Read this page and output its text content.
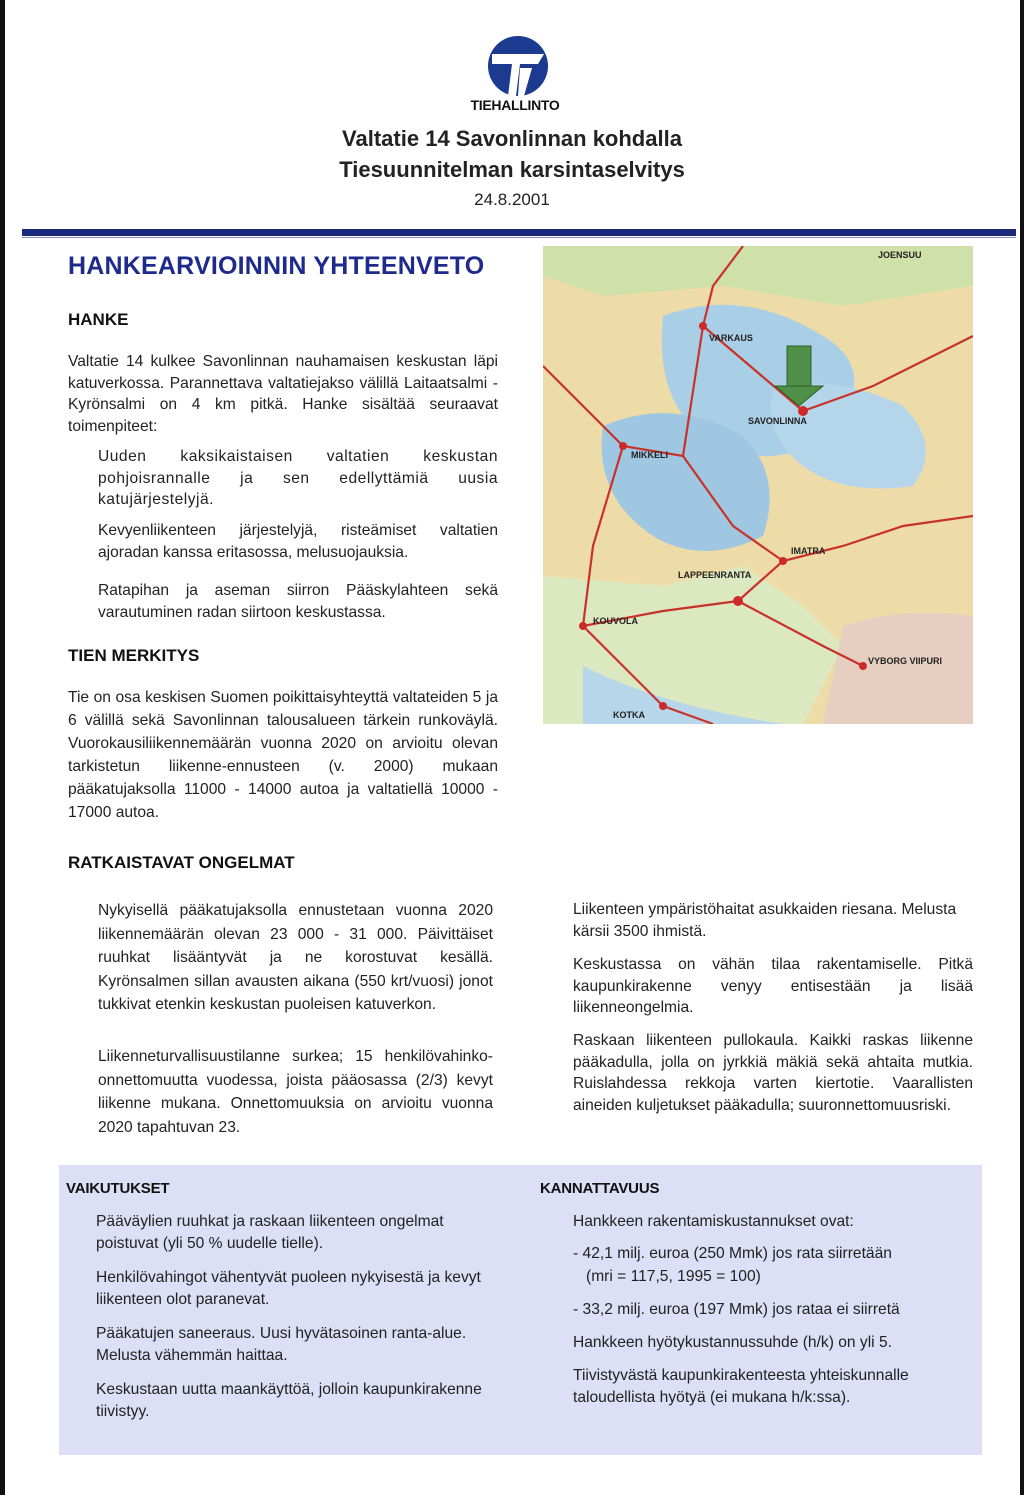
TIEHALLINTO
Valtatie 14 Savonlinnan kohdalla
Tiesuunnitelman karsintaselvitys
24.8.2001
HANKEARVIOINNIN YHTEENVETO
HANKE

Valtatie 14 kulkee Savonlinnan nauhamaisen keskustan läpi katuverkossa. Parannettava valtatiejakso välillä Laitaatsalmi - Kyrönsalmi on 4 km pitkä. Hanke sisältää seuraavat toimenpiteet:

Uuden kaksikaistaisen valtatien keskustan pohjoisrannalle ja sen edellyttämiä uusia katujärjestelyjä.

Kevyenliikenteen järjestelyjä, risteämiset valtatien ajoradan kanssa eritasossa, melusuojauksia.

Ratapihan ja aseman siirron Pääskylahteen sekä varautuminen radan siirtoon keskustassa.

TIEN MERKITYS

Tie on osa keskisen Suomen poikittaisyhteyttä valtateiden 5 ja 6 välillä sekä Savonlinnan talousalueen tärkein runkoväylä. Vuorokausiliikennemäärän vuonna 2020 on arvioitu olevan tarkistetun liikenne-ennusteen (v. 2000) mukaan pääkatujaksolla 11000 - 14000 autoa ja valtatiellä 10000 - 17000 autoa.

JOENSUU
VARKAUS
SAVONLINNA
MIKKELI
IMATRA
LAPPEENRANTA
KOUVOLA
VYBORG VIIPURI
KOTKA
RATKAISTAVAT ONGELMAT

Nykyisellä pääkatujaksolla ennustetaan vuonna 2020 liikennemäärän olevan 23 000 - 31 000. Päivittäiset ruuhkat lisääntyvät ja ne korostuvat kesällä. Kyrönsalmen sillan avausten aikana (550 krt/vuosi) jonot tukkivat etenkin keskustan puoleisen katuverkon.

Liikenneturvallisuustilanne surkea; 15 henkilövahinko-onnettomuutta vuodessa, joista pääosassa (2/3) kevyt liikenne mukana. Onnettomuuksia on arvioitu vuonna 2020 tapahtuvan 23.

Liikenteen ympäristöhaitat asukkaiden riesana. Melusta kärsii 3500 ihmistä.

Keskustassa on vähän tilaa rakentamiselle. Pitkä kaupunkirakenne venyy entisestään ja lisää liikenneongelmia.

Raskaan liikenteen pullokaula. Kaikki raskas liikenne pääkadulla, jolla on jyrkkiä mäkiä sekä ahtaita mutkia. Ruislahdessa rekkoja varten kiertotie. Vaarallisten aineiden kuljetukset pääkadulla; suuronnettomuusriski.

VAIKUTUKSET

Pääväylien ruuhkat ja raskaan liikenteen ongelmat poistuvat (yli 50 % uudelle tielle).

Henkilövahingot vähentyvät puoleen nykyisestä ja kevyt liikenteen olot paranevat.

Pääkatujen saneeraus. Uusi hyvätasoinen ranta-alue. Melusta vähemmän haittaa.

Keskustaan uutta maankäyttöä, jolloin kaupunkirakenne tiivistyy.

KANNATTAVUUS

Hankkeen rakentamiskustannukset ovat:

- 42,1 milj. euroa (250 Mmk) jos rata siirretään

(mri = 117,5, 1995 = 100)

- 33,2 milj. euroa (197 Mmk) jos rataa ei siirretä

Hankkeen hyötykustannussuhde (h/k) on yli 5.

Tiivistyvästä kaupunkirakenteesta yhteiskunnalle taloudellista hyötyä (ei mukana h/k:ssa).
